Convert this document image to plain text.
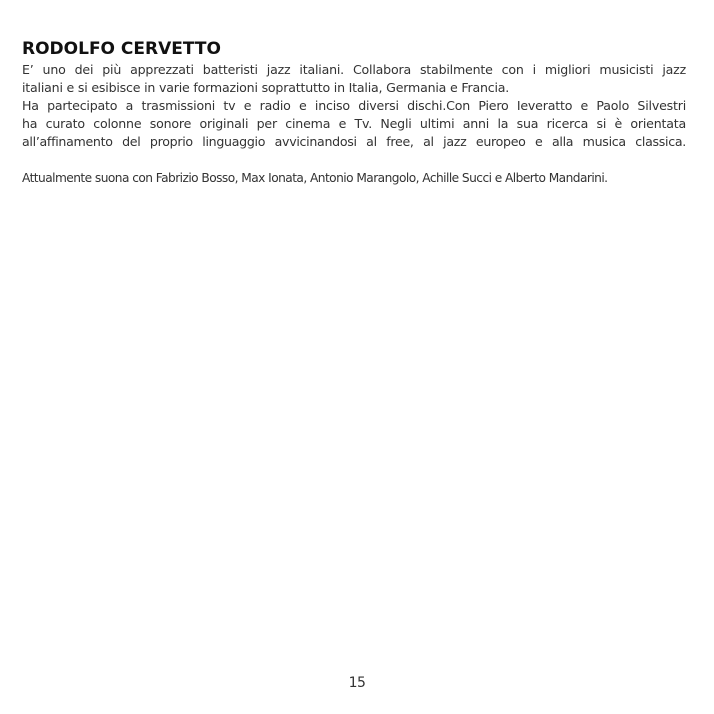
RODOLFO CERVETTO
E’ uno dei più apprezzati batteristi jazz italiani. Collabora stabilmente con i migliori musicisti jazz
italiani e si esibisce in varie formazioni soprattutto in Italia, Germania e Francia.
Ha partecipato a trasmissioni tv e radio e inciso diversi dischi.Con Piero Ieveratto e Paolo Silvestri
ha curato colonne sonore originali per cinema e Tv. Negli ultimi anni la sua ricerca si è orientata
all’affinamento del proprio linguaggio avvicinandosi al free, al jazz europeo e alla musica classica.
Attualmente suona con Fabrizio Bosso, Max Ionata, Antonio Marangolo, Achille Succi e Alberto Mandarini.
15
